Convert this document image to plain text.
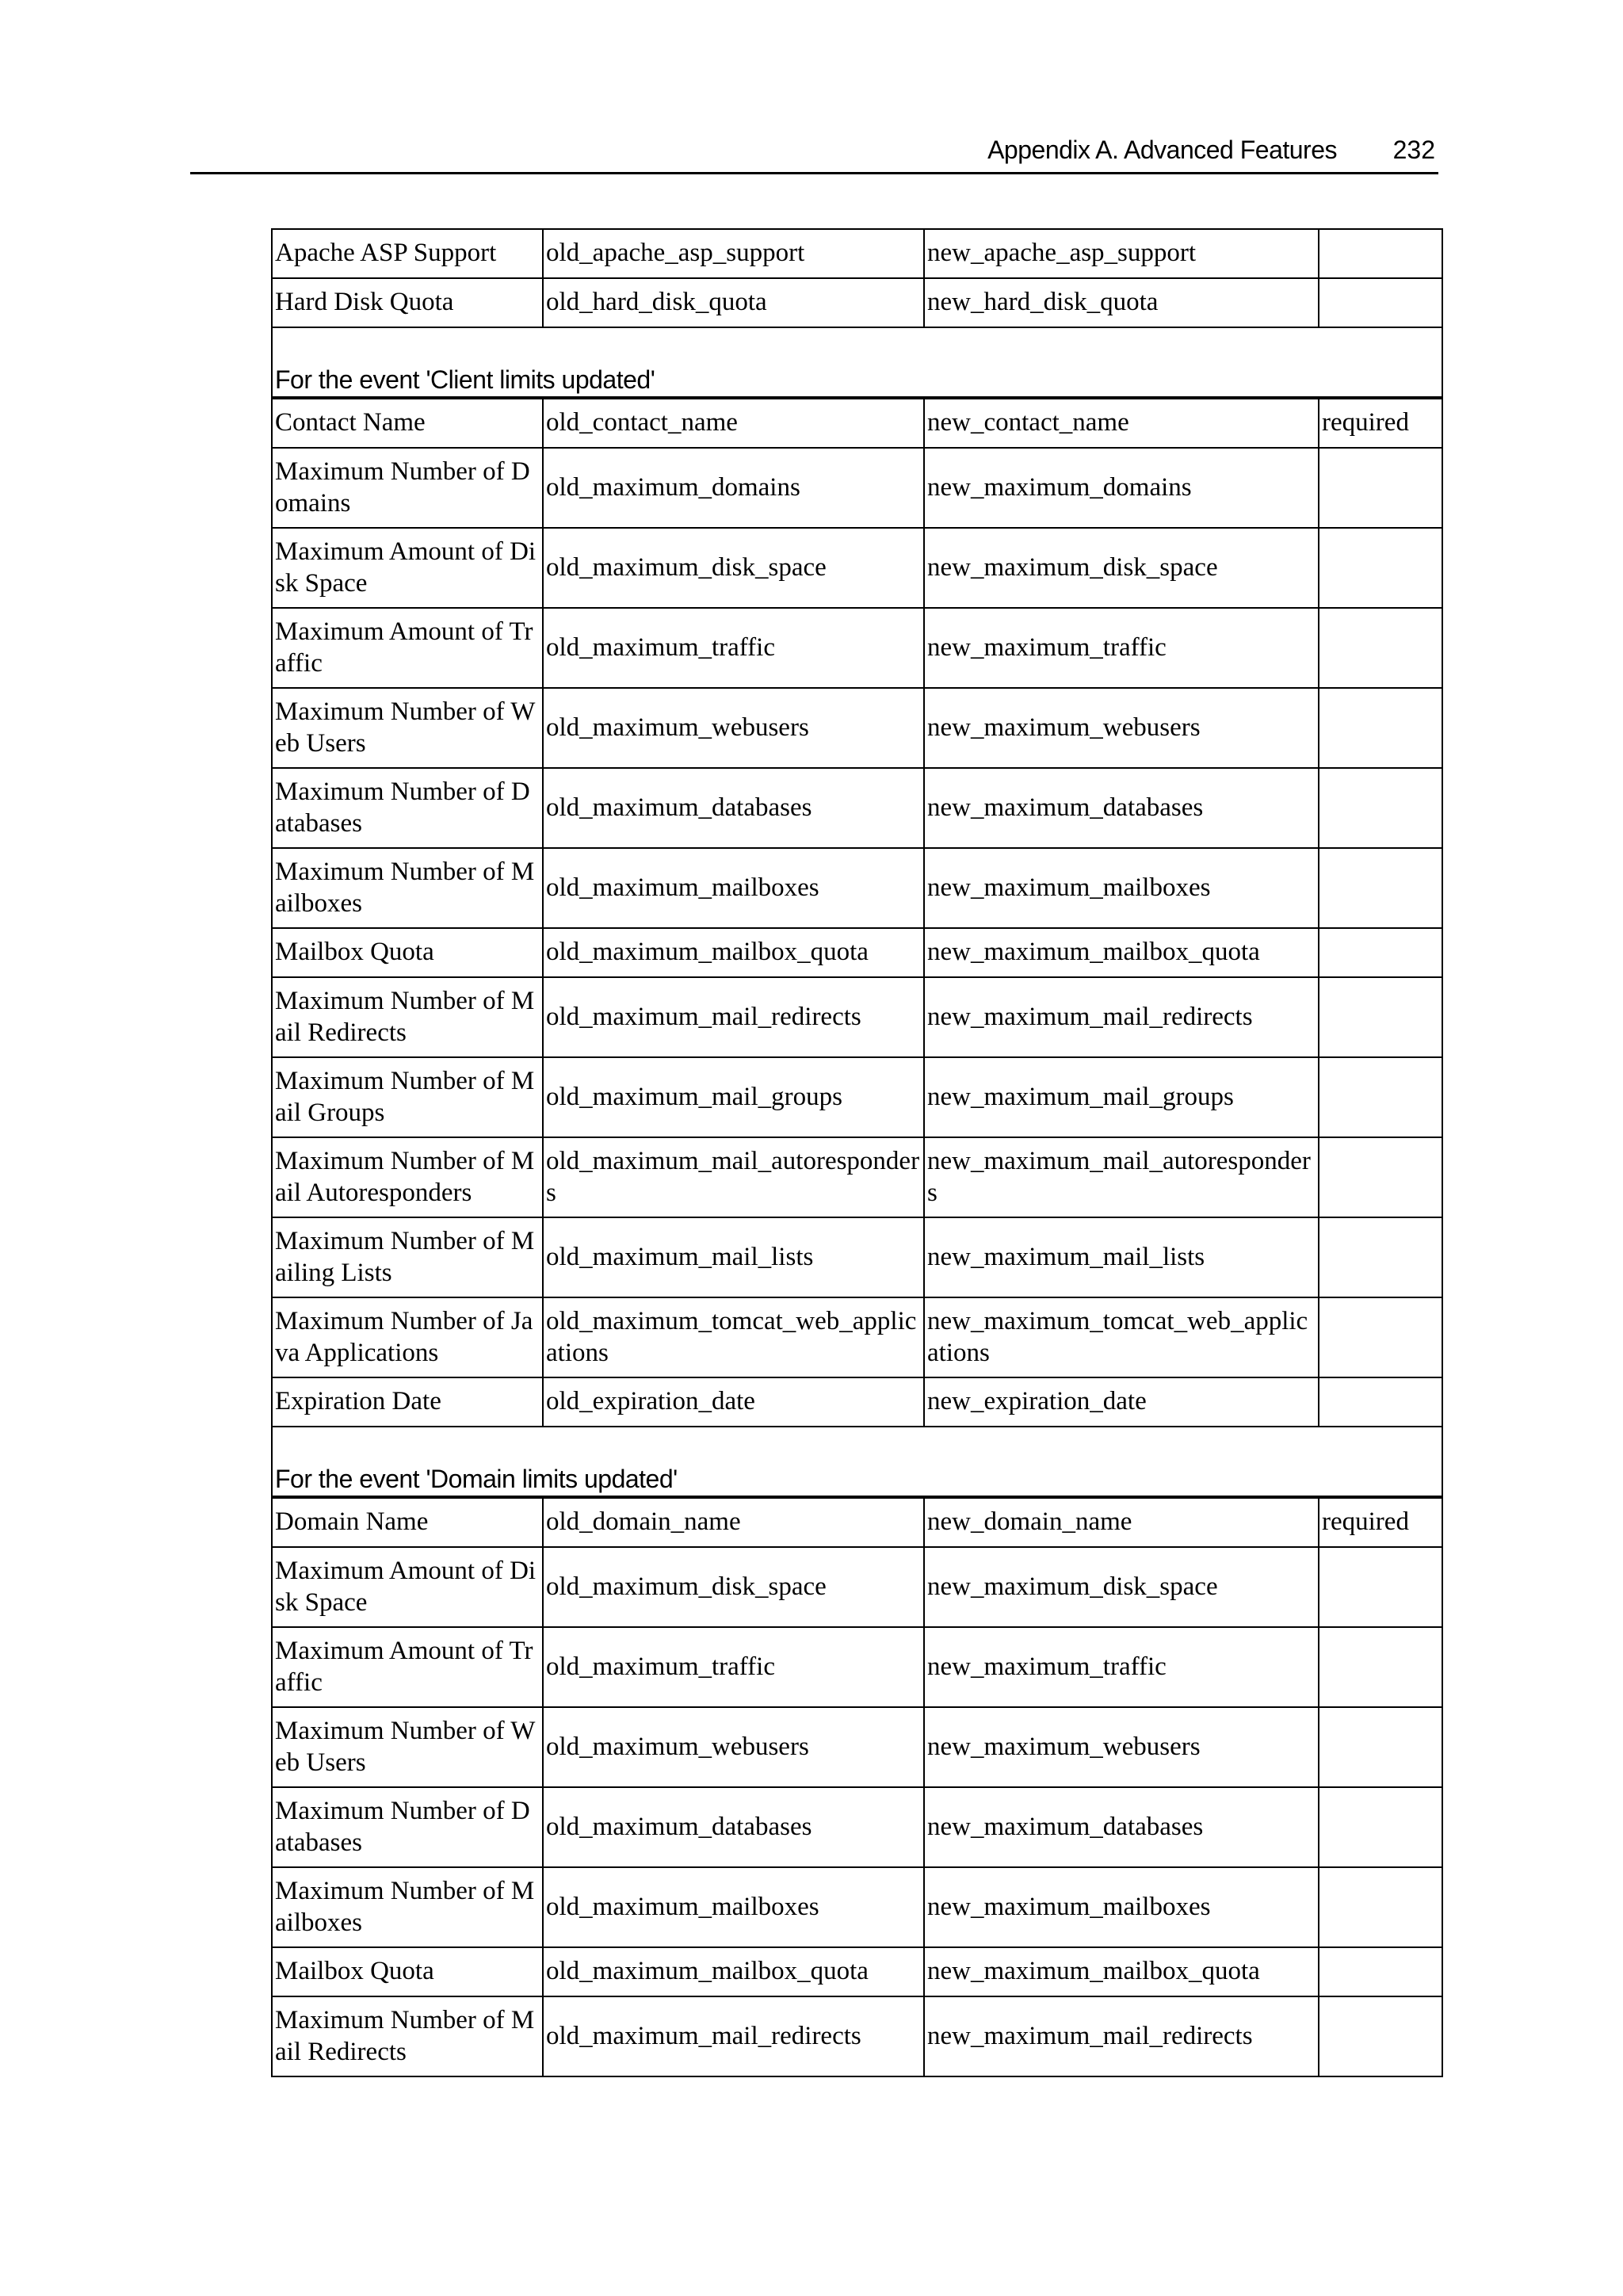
Appendix A. Advanced Features 232
Apache ASP Support	old_apache_asp_support	new_apache_asp_support	
Hard Disk Quota	old_hard_disk_quota	new_hard_disk_quota	
For the event 'Client limits updated'			
Contact Name	old_contact_name	new_contact_name	required
Maximum Number of Domains	old_maximum_domains	new_maximum_domains	
Maximum Amount of Disk Space	old_maximum_disk_space	new_maximum_disk_space	
Maximum Amount of Traffic	old_maximum_traffic	new_maximum_traffic	
Maximum Number of Web Users	old_maximum_webusers	new_maximum_webusers	
Maximum Number of Databases	old_maximum_databases	new_maximum_databases	
Maximum Number of Mailboxes	old_maximum_mailboxes	new_maximum_mailboxes	
Mailbox Quota	old_maximum_mailbox_quota	new_maximum_mailbox_quota	
Maximum Number of Mail Redirects	old_maximum_mail_redirects	new_maximum_mail_redirects	
Maximum Number of Mail Groups	old_maximum_mail_groups	new_maximum_mail_groups	
Maximum Number of Mail Autoresponders	old_maximum_mail_autoresponders	new_maximum_mail_autoresponders	
Maximum Number of Mailing Lists	old_maximum_mail_lists	new_maximum_mail_lists	
Maximum Number of Java Applications	old_maximum_tomcat_web_applications	new_maximum_tomcat_web_applications	
Expiration Date	old_expiration_date	new_expiration_date	
For the event 'Domain limits updated'			
Domain Name	old_domain_name	new_domain_name	required
Maximum Amount of Disk Space	old_maximum_disk_space	new_maximum_disk_space	
Maximum Amount of Traffic	old_maximum_traffic	new_maximum_traffic	
Maximum Number of Web Users	old_maximum_webusers	new_maximum_webusers	
Maximum Number of Databases	old_maximum_databases	new_maximum_databases	
Maximum Number of Mailboxes	old_maximum_mailboxes	new_maximum_mailboxes	
Mailbox Quota	old_maximum_mailbox_quota	new_maximum_mailbox_quota	
Maximum Number of Mail Redirects	old_maximum_mail_redirects	new_maximum_mail_redirects	
